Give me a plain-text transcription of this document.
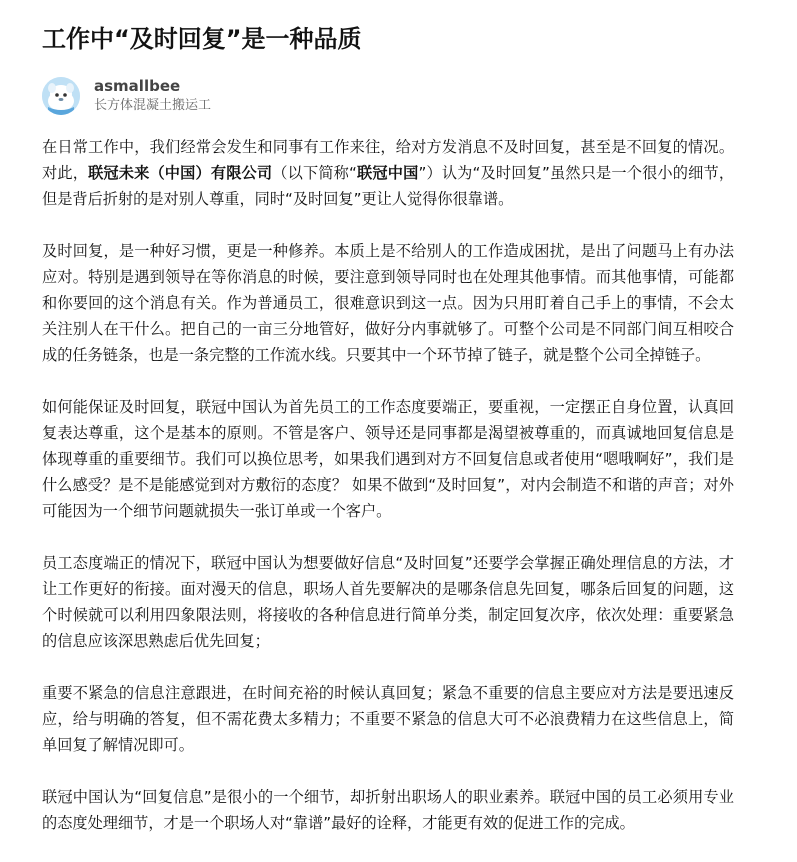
工作中“及时回复”是一种品质
asmallbee
长方体混凝土搬运工

在日常工作中，我们经常会发生和同事有工作来往，给对方发消息不及时回复，甚至是不回复的情况。对此，联冠未来（中国）有限公司（以下简称“联冠中国”）认为“及时回复”虽然只是一个很小的细节，但是背后折射的是对别人尊重，同时“及时回复”更让人觉得你很靠谱。

及时回复，是一种好习惯，更是一种修养。本质上是不给别人的工作造成困扰，是出了问题马上有办法应对。特别是遇到领导在等你消息的时候，要注意到领导同时也在处理其他事情。而其他事情，可能都和你要回的这个消息有关。作为普通员工，很难意识到这一点。因为只用盯着自己手上的事情，不会太关注别人在干什么。把自己的一亩三分地管好，做好分内事就够了。可整个公司是不同部门间互相咬合成的任务链条，也是一条完整的工作流水线。只要其中一个环节掉了链子，就是整个公司全掉链子。

如何能保证及时回复，联冠中国认为首先员工的工作态度要端正，要重视，一定摆正自身位置，认真回复表达尊重，这个是基本的原则。不管是客户、领导还是同事都是渴望被尊重的，而真诚地回复信息是体现尊重的重要细节。我们可以换位思考，如果我们遇到对方不回复信息或者使用“嗯哦啊好”，我们是什么感受？是不是能感觉到对方敷衍的态度？ 如果不做到“及时回复”，对内会制造不和谐的声音；对外可能因为一个细节问题就损失一张订单或一个客户。

员工态度端正的情况下，联冠中国认为想要做好信息“及时回复”还要学会掌握正确处理信息的方法，才让工作更好的衔接。面对漫天的信息，职场人首先要解决的是哪条信息先回复，哪条后回复的问题，这个时候就可以利用四象限法则，将接收的各种信息进行简单分类，制定回复次序，依次处理：重要紧急的信息应该深思熟虑后优先回复；

重要不紧急的信息注意跟进，在时间充裕的时候认真回复；紧急不重要的信息主要应对方法是要迅速反应，给与明确的答复，但不需花费太多精力；不重要不紧急的信息大可不必浪费精力在这些信息上，简单回复了解情况即可。

联冠中国认为“回复信息”是很小的一个细节，却折射出职场人的职业素养。联冠中国的员工必须用专业的态度处理细节，才是一个职场人对“靠谱”最好的诠释，才能更有效的促进工作的完成。
